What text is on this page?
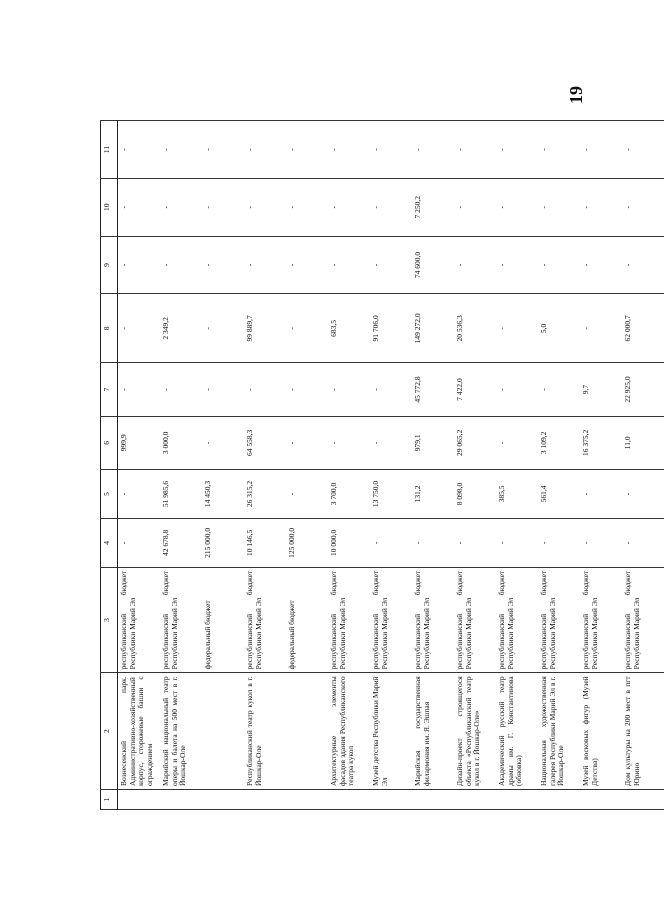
19
1	2	3	4	5	6	7	8	9	10	11
	Вознесенский парк. Административно-хозяйственный корпус, сторожевые башни с ограждением	республиканский бюджет Республики Марий Эл	-	-	999,9	-	-	-	-	-
	Марийский национальный театр оперы и балета на 500 мест в г. Йошкар-Оле	республиканский бюджет Республики Марий Эл	42 678,8	51 985,6	3 000,0	-	2 349,2	-	-	-
		федеральный бюджет	215 000,0	14 450,3	-	-	-	-	-	-
	Республиканский театр кукол в г. Йошкар-Оле	республиканский бюджет Республики Марий Эл	10 146,5	26 315,2	64 558,3	-	99 889,7	-	-	-
		федеральный бюджет	125 000,0	-	-	-	-	-	-	-
	Архитектурные элементы фасадов здания Республиканского театра кукол	республиканский бюджет Республики Марий Эл	10 000,0	3 700,0	-	-	683,5	-	-	-
	Музей детства Республики Марий Эл	республиканский бюджет Республики Марий Эл	-	13 750,0	-	-	91 706,0	-	-	-
	Марийская государственная филармония им. Я. Эшпая	республиканский бюджет Республики Марий Эл	-	131,2	979,1	45 772,8	149 272,0	74 600,0	7 250,2	-
	Дизайн-проект строящегося объекта «Республиканский театр кукол в г. Йошкар-Оле»	республиканский бюджет Республики Марий Эл	-	8 098,0	29 065,2	7 422,0	20 536,3	-	-	-
	Академический русский театр драмы им. Г. Константинова (обновка)	республиканский бюджет Республики Марий Эл	-	385,5	-	-	-	-	-	-
	Национальная художественная галерея Республики Марий Эл в г. Йошкар-Оле	республиканский бюджет Республики Марий Эл	-	561,4	3 109,2	-	5,0	-	-	-
	Музей восковых фигур (Музей Детства)	республиканский бюджет Республики Марий Эл	-	-	16 375,2	9,7	-	-	-	-
	Дом культуры на 200 мест в пгт Юрино	республиканский бюджет Республики Марий Эл	-	-	11,0	22 925,0	62 000,7	-	-	-
